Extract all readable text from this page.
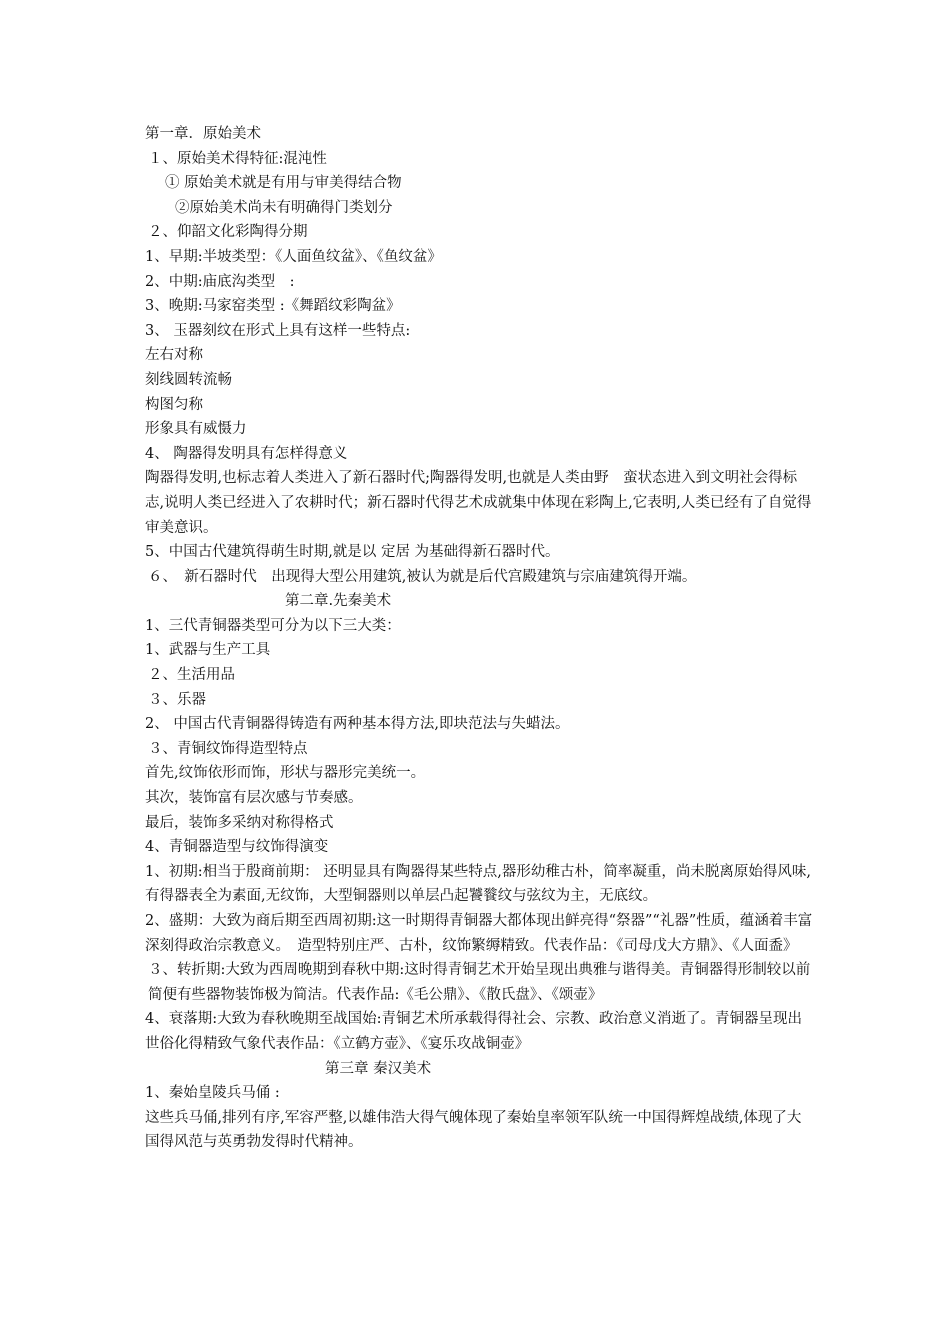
第一章．原始美术
１、原始美术得特征:混沌性
① 原始美术就是有用与审美得结合物
②原始美术尚未有明确得门类划分
２、仰韶文化彩陶得分期
1、早期:半坡类型：《人面鱼纹盆》、《鱼纹盆》
2、中期:庙底沟类型　:
3、晚期:马家窑类型 :《舞蹈纹彩陶盆》
3、 玉器刻纹在形式上具有这样一些特点:
左右对称
刻线圆转流畅
构图匀称
形象具有威慑力
4、 陶器得发明具有怎样得意义
陶器得发明,也标志着人类进入了新石器时代;陶器得发明,也就是人类由野　蛮状态进入到文明社会得标志,说明人类已经进入了农耕时代；新石器时代得艺术成就集中体现在彩陶上,它表明,人类已经有了自觉得审美意识。
5、中国古代建筑得萌生时期,就是以 定居 为基础得新石器时代。
６、　新石器时代　出现得大型公用建筑,被认为就是后代宫殿建筑与宗庙建筑得开端。
第二章.先秦美术
1、三代青铜器类型可分为以下三大类：
1、武器与生产工具
２、生活用品
３、乐器
2、 中国古代青铜器得铸造有两种基本得方法,即块范法与失蜡法。
３、青铜纹饰得造型特点
首先,纹饰依形而饰，形状与器形完美统一。
其次，装饰富有层次感与节奏感。
最后，装饰多采纳对称得格式
4、青铜器造型与纹饰得演变
1、初期:相当于殷商前期： 还明显具有陶器得某些特点,器形幼稚古朴，简率凝重，尚未脱离原始得风味,有得器表全为素面,无纹饰，大型铜器则以单层凸起饕餮纹与弦纹为主，无底纹。
2、盛期：大致为商后期至西周初期:这一时期得青铜器大都体现出鲜亮得“祭器”“礼器”性质，蕴涵着丰富深刻得政治宗教意义。　造型特别庄严、古朴，纹饰繁缛精致。代表作品：《司母戊大方鼎》、《人面盉》
３、转折期:大致为西周晚期到春秋中期:这时得青铜艺术开始呈现出典雅与谐得美。青铜器得形制较以前简便有些器物装饰极为简洁。代表作品:《毛公鼎》、《散氏盘》、《颂壶》
4、衰落期:大致为春秋晚期至战国始:青铜艺术所承载得得社会、宗教、政治意义消逝了。青铜器呈现出世俗化得精致气象代表作品：《立鹤方壶》、《宴乐攻战铜壶》
第三章 秦汉美术
1、秦始皇陵兵马俑 :
这些兵马俑,排列有序,军容严整,以雄伟浩大得气魄体现了秦始皇率领军队统一中国得辉煌战绩,体现了大国得风范与英勇勃发得时代精神。
